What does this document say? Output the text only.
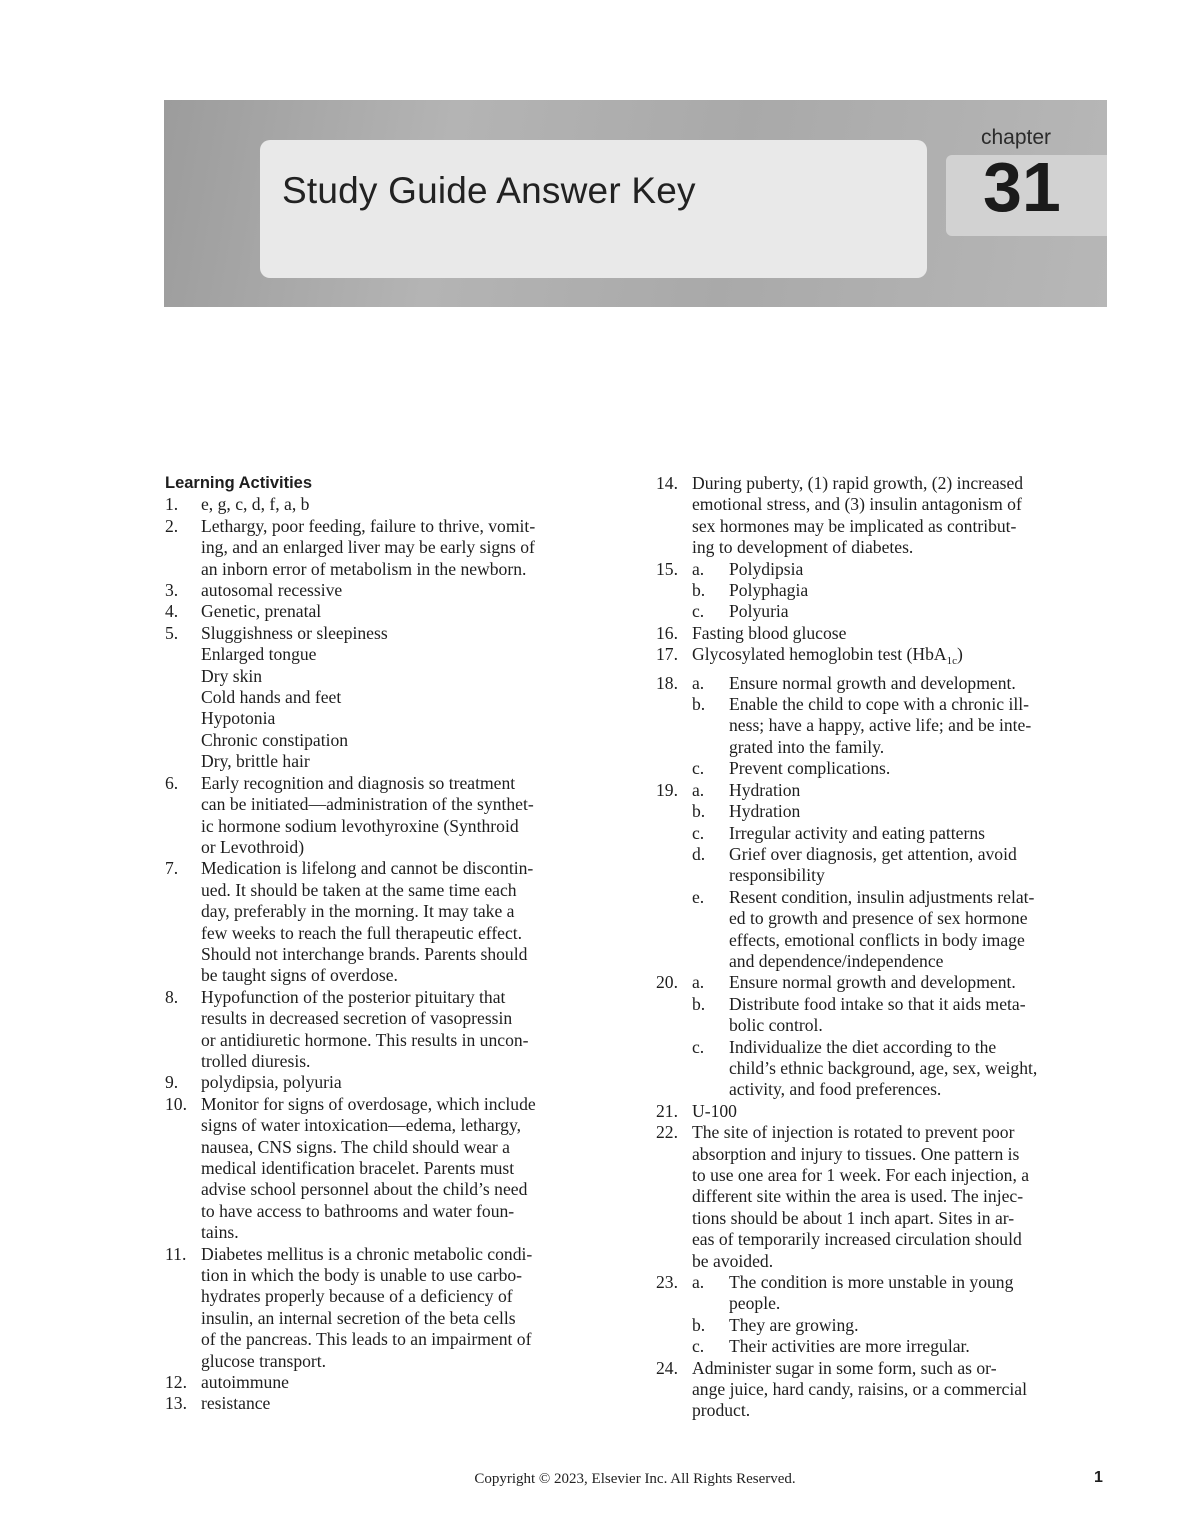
Study Guide Answer Key
chapter
31
Learning Activities
1.	e, g, c, d, f, a, b
2.	Lethargy, poor feeding, failure to thrive, vomit-
ing, and an enlarged liver may be early signs of
an inborn error of metabolism in the newborn.
3.	autosomal recessive
4.	Genetic, prenatal
5.	Sluggishness or sleepiness
Enlarged tongue
Dry skin
Cold hands and feet
Hypotonia
Chronic constipation
Dry, brittle hair
6.	Early recognition and diagnosis so treatment
can be initiated—administration of the synthet-
ic hormone sodium levothyroxine (Synthroid
or Levothroid)
7.	Medication is lifelong and cannot be discontin-
ued. It should be taken at the same time each
day, preferably in the morning. It may take a
few weeks to reach the full therapeutic effect.
Should not interchange brands. Parents should
be taught signs of overdose.
8.	Hypofunction of the posterior pituitary that
results in decreased secretion of vasopressin
or antidiuretic hormone. This results in uncon-
trolled diuresis.
9.	polydipsia, polyuria
10. Monitor for signs of overdosage, which include
signs of water intoxication—edema, lethargy,
nausea, CNS signs. The child should wear a
medical identification bracelet. Parents must
advise school personnel about the child’s need
to have access to bathrooms and water foun-
tains.
11. Diabetes mellitus is a chronic metabolic condi-
tion in which the body is unable to use carbo-
hydrates properly because of a deficiency of
insulin, an internal secretion of the beta cells
of the pancreas. This leads to an impairment of
glucose transport.
12. autoimmune
13. resistance
14. During puberty, (1) rapid growth, (2) increased
emotional stress, and (3) insulin antagonism of
sex hormones may be implicated as contribut-
ing to development of diabetes.
15. a.	Polydipsia
b.	Polyphagia
c.	Polyuria
16. Fasting blood glucose
17. Glycosylated hemoglobin test (HbA$_{1c}$)
18. a.	Ensure normal growth and development.
b.	Enable the child to cope with a chronic ill-
ness; have a happy, active life; and be inte-
grated into the family.
c.	Prevent complications.
19. a.	Hydration
b.	Hydration
c.	Irregular activity and eating patterns
d.	Grief over diagnosis, get attention, avoid
responsibility
e.	Resent condition, insulin adjustments relat-
ed to growth and presence of sex hormone
effects, emotional conflicts in body image
and dependence/independence
20. a.	Ensure normal growth and development.
b.	Distribute food intake so that it aids meta-
bolic control.
c.	Individualize the diet according to the
child’s ethnic background, age, sex, weight,
activity, and food preferences.
21. U-100
22. The site of injection is rotated to prevent poor
absorption and injury to tissues. One pattern is
to use one area for 1 week. For each injection, a
different site within the area is used. The injec-
tions should be about 1 inch apart. Sites in ar-
eas of temporarily increased circulation should
be avoided.
23. a.	The condition is more unstable in young
people.
b.	They are growing.
c.	Their activities are more irregular.
24. Administer sugar in some form, such as or-
ange juice, hard candy, raisins, or a commercial
product.
Copyright © 2023, Elsevier Inc. All Rights Reserved.	1
